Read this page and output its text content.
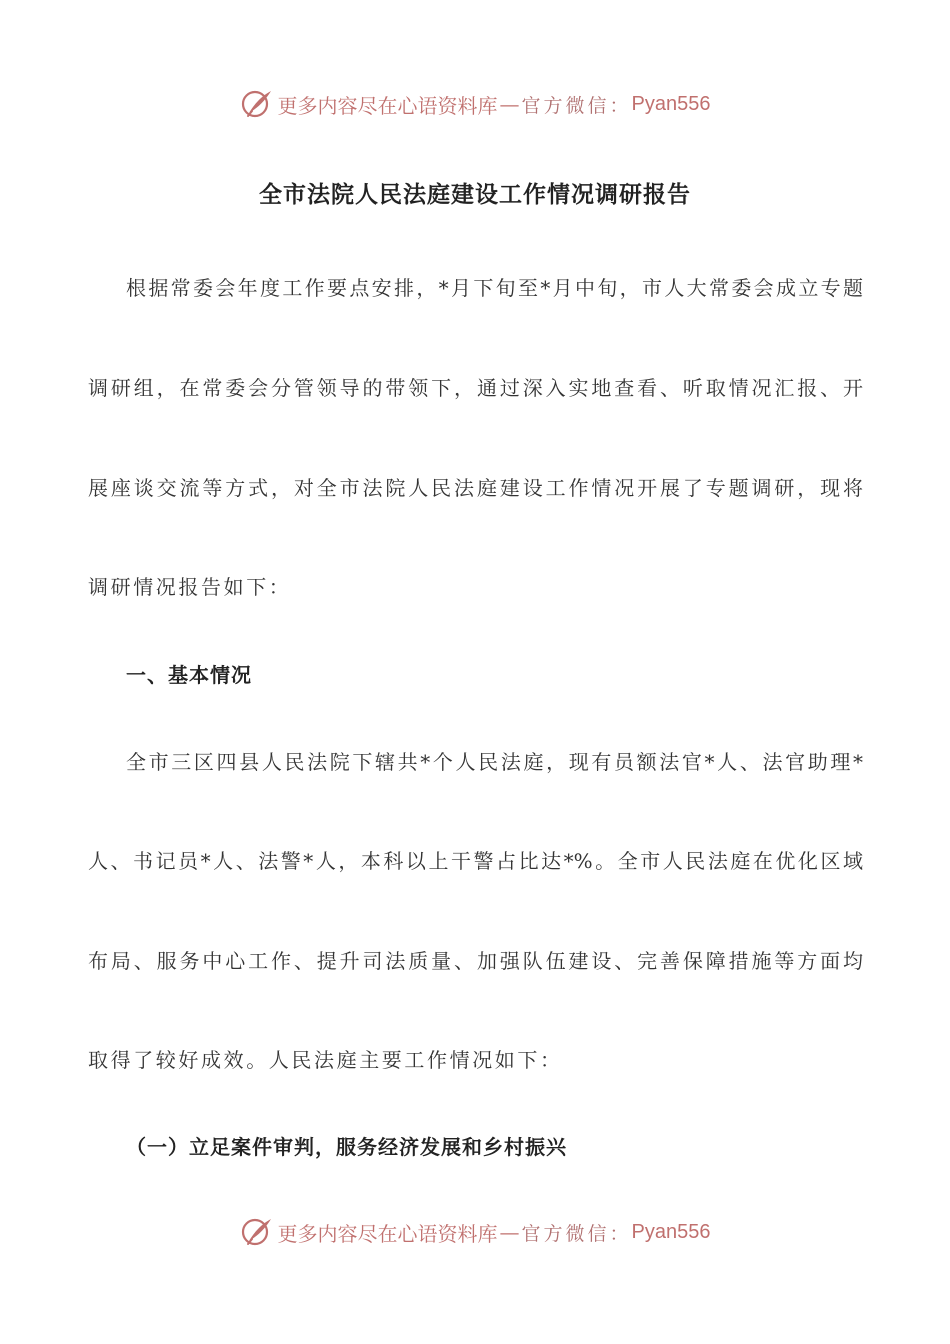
更多内容尽在心语资料库 — 官方微信： Pyan556
全市法院人民法庭建设工作情况调研报告
根据常委会年度工作要点安排，*月下旬至*月中旬，市人大常委会成立专题
调研组，在常委会分管领导的带领下，通过深入实地查看、听取情况汇报、开
展座谈交流等方式，对全市法院人民法庭建设工作情况开展了专题调研，现将
调研情况报告如下：
一、基本情况
全市三区四县人民法院下辖共*个人民法庭，现有员额法官*人、法官助理*
人、书记员*人、法警*人，本科以上干警占比达*%。全市人民法庭在优化区域
布局、服务中心工作、提升司法质量、加强队伍建设、完善保障措施等方面均
取得了较好成效。人民法庭主要工作情况如下：
（一）立足案件审判，服务经济发展和乡村振兴
更多内容尽在心语资料库 — 官方微信： Pyan556
